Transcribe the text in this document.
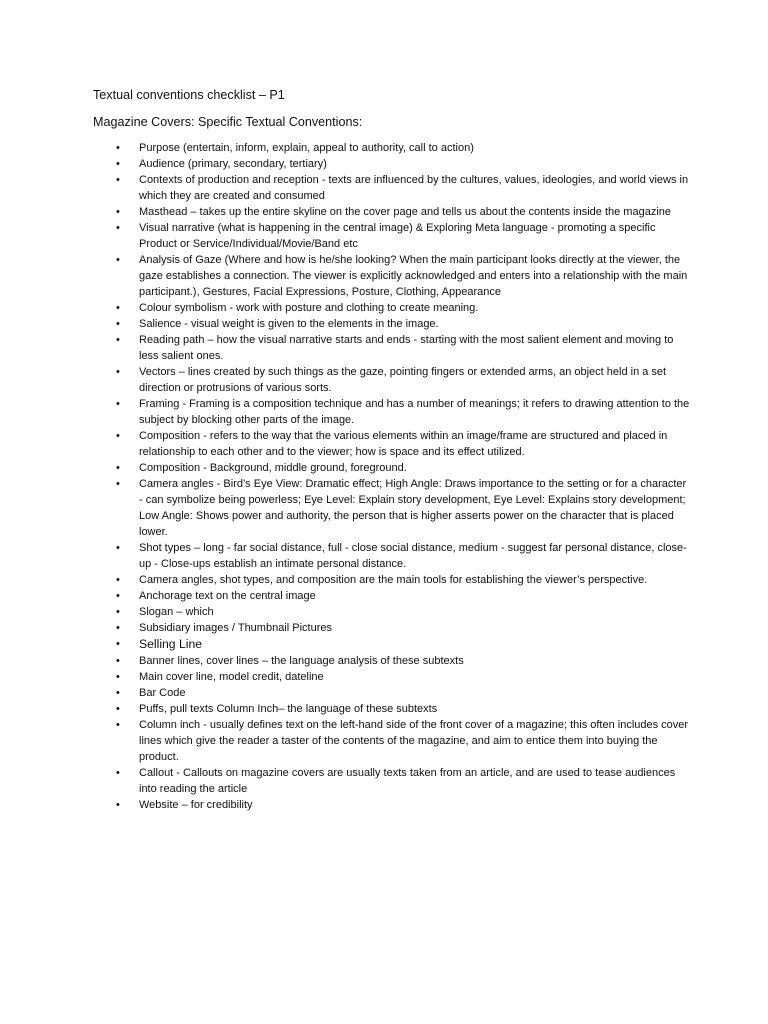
Textual conventions checklist – P1
Magazine Covers: Specific Textual Conventions:
• Purpose (entertain, inform, explain, appeal to authority, call to action)
• Audience (primary, secondary, tertiary)
• Contexts of production and reception - texts are influenced by the cultures, values, ideologies, and world views in which they are created and consumed
• Masthead – takes up the entire skyline on the cover page and tells us about the contents inside the magazine
• Visual narrative (what is happening in the central image) & Exploring Meta language - promoting a specific Product or Service/Individual/Movie/Band etc
• Analysis of Gaze (Where and how is he/she looking? When the main participant looks directly at the viewer, the gaze establishes a connection. The viewer is explicitly acknowledged and enters into a relationship with the main participant.), Gestures, Facial Expressions, Posture, Clothing, Appearance
• Colour symbolism - work with posture and clothing to create meaning.
• Salience - visual weight is given to the elements in the image.
• Reading path – how the visual narrative starts and ends - starting with the most salient element and moving to less salient ones.
• Vectors – lines created by such things as the gaze, pointing fingers or extended arms, an object held in a set direction or protrusions of various sorts.
• Framing - Framing is a composition technique and has a number of meanings; it refers to drawing attention to the subject by blocking other parts of the image.
• Composition - refers to the way that the various elements within an image/frame are structured and placed in relationship to each other and to the viewer; how is space and its effect utilized.
• Composition - Background, middle ground, foreground.
• Camera angles - Bird’s Eye View: Dramatic effect; High Angle: Draws importance to the setting or for a character - can symbolize being powerless; Eye Level: Explain story development, Eye Level: Explains story development; Low Angle: Shows power and authority, the person that is higher asserts power on the character that is placed lower.
• Shot types – long - far social distance, full - close social distance, medium - suggest far personal distance, close-up - Close-ups establish an intimate personal distance.
• Camera angles, shot types, and composition are the main tools for establishing the viewer’s perspective.
• Anchorage text on the central image
• Slogan – which
• Subsidiary images / Thumbnail Pictures
• Selling Line
• Banner lines, cover lines – the language analysis of these subtexts
• Main cover line, model credit, dateline
• Bar Code
• Puffs, pull texts Column Inch– the language of these subtexts
• Column inch - usually defines text on the left-hand side of the front cover of a magazine; this often includes cover lines which give the reader a taster of the contents of the magazine, and aim to entice them into buying the product.
• Callout - Callouts on magazine covers are usually texts taken from an article, and are used to tease audiences into reading the article
• Website – for credibility
